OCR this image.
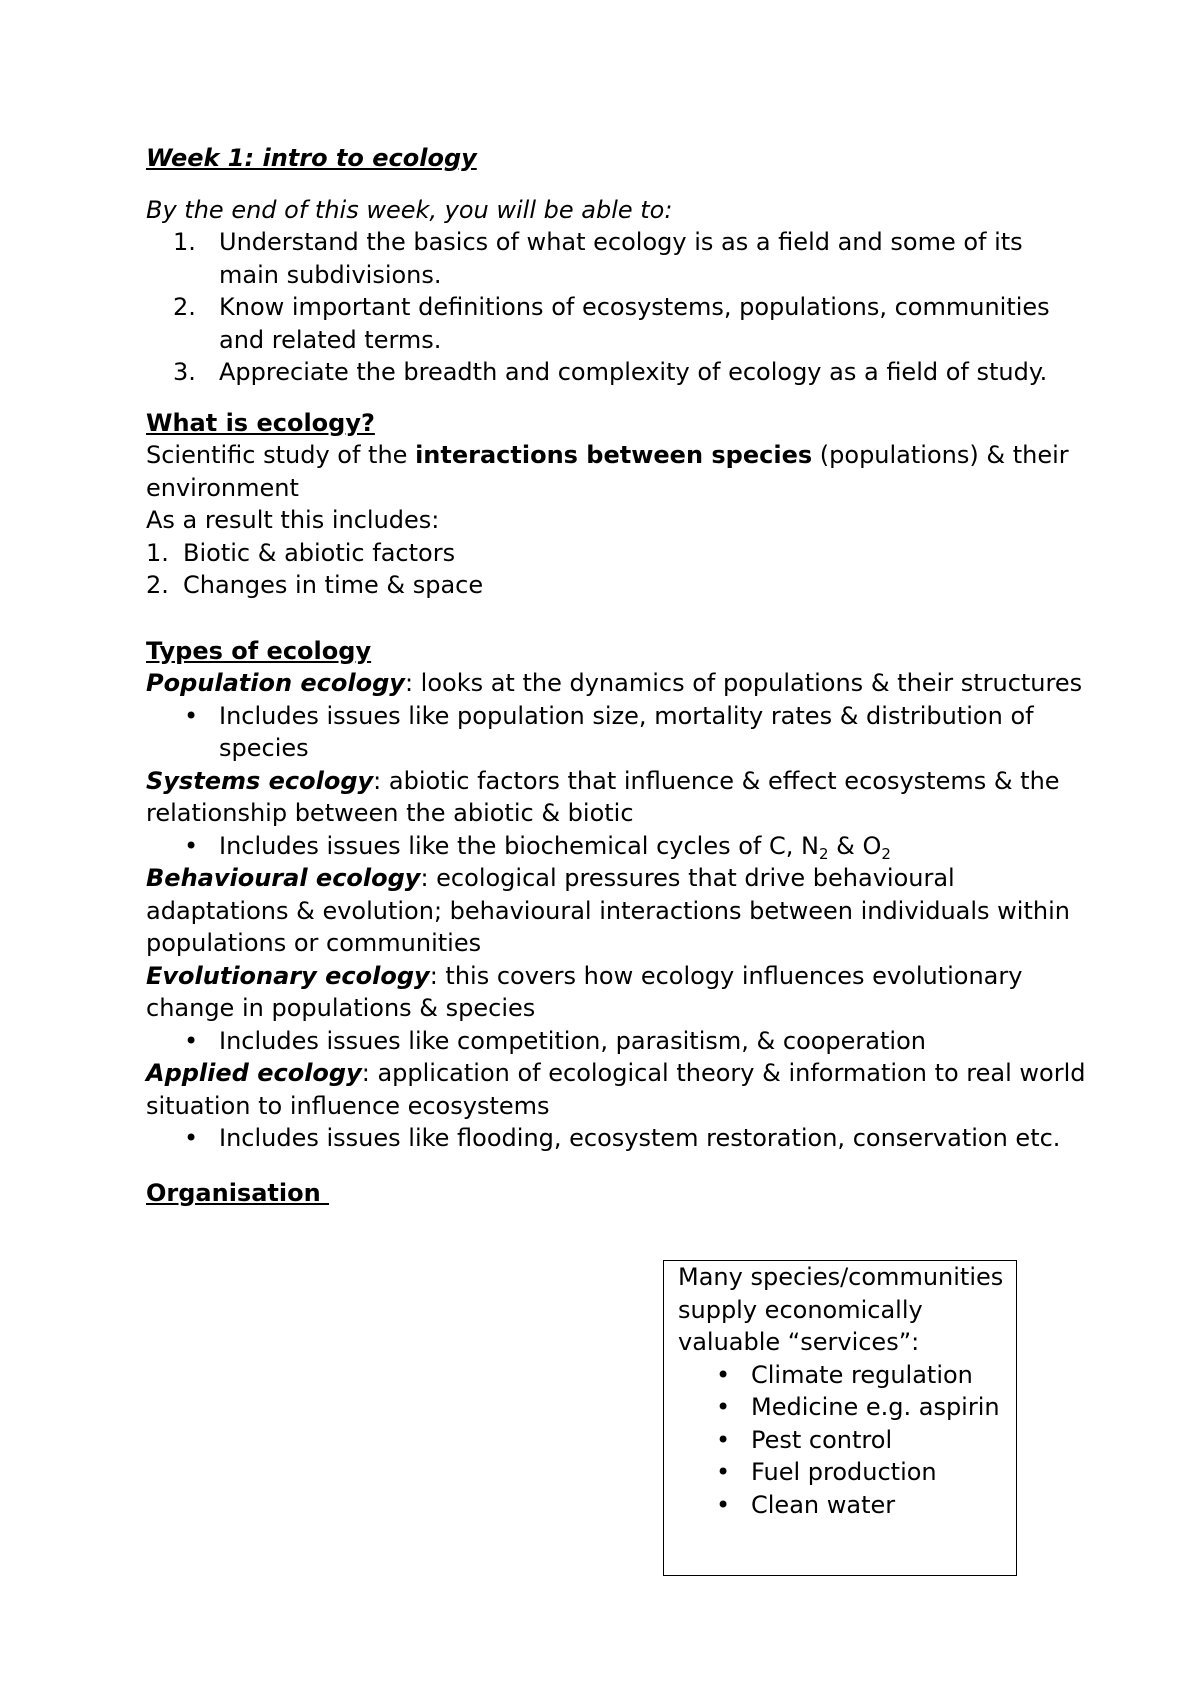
Week 1: intro to ecology
By the end of this week, you will be able to:
1. Understand the basics of what ecology is as a field and some of its main subdivisions.
2. Know important definitions of ecosystems, populations, communities and related terms.
3. Appreciate the breadth and complexity of ecology as a field of study.
What is ecology?
Scientific study of the interactions between species (populations) & their environment
As a result this includes:
1. Biotic & abiotic factors
2. Changes in time & space
Types of ecology
Population ecology: looks at the dynamics of populations & their structures
• Includes issues like population size, mortality rates & distribution of species
Systems ecology: abiotic factors that influence & effect ecosystems & the relationship between the abiotic & biotic
• Includes issues like the biochemical cycles of C, $N_2$ & $O_2$
Behavioural ecology: ecological pressures that drive behavioural adaptations & evolution; behavioural interactions between individuals within populations or communities
Evolutionary ecology: this covers how ecology influences evolutionary change in populations & species
• Includes issues like competition, parasitism, & cooperation
Applied ecology: application of ecological theory & information to real world situation to influence ecosystems
• Includes issues like flooding, ecosystem restoration, conservation etc.
Organisation
Many species/communities supply economically valuable “services”:
• Climate regulation
• Medicine e.g. aspirin
• Pest control
• Fuel production
• Clean water
